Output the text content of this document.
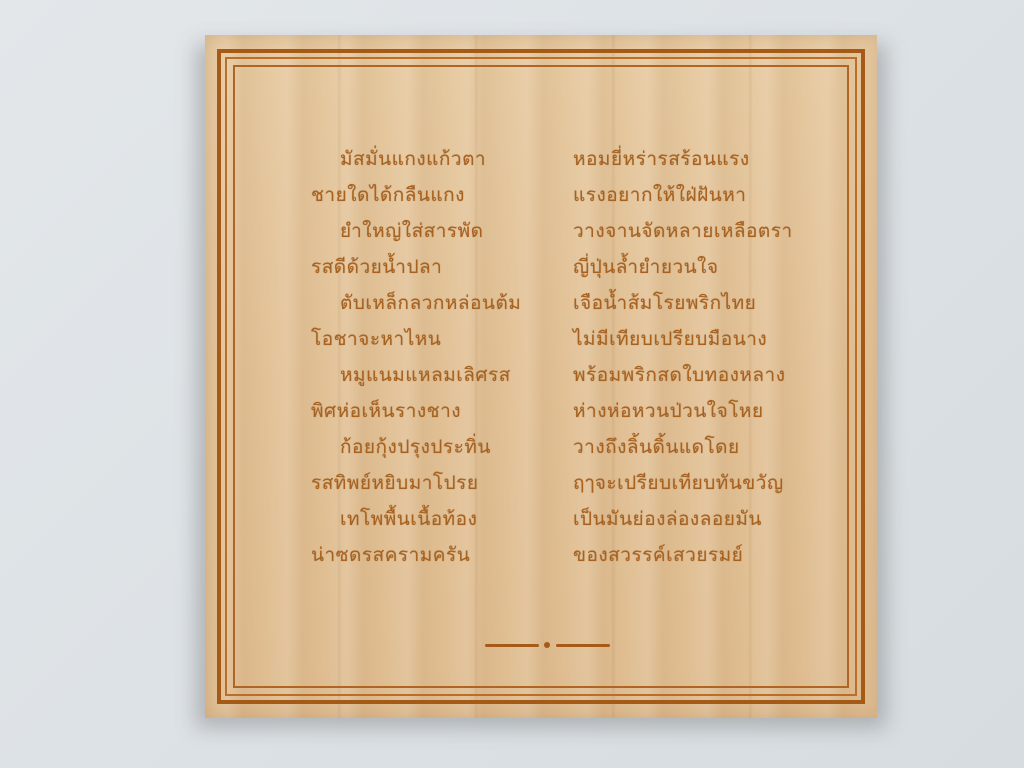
มัสมั่นแกงแก้วตา

ชายใดได้กลืนแกง

ยำใหญ่ใส่สารพัด

รสดีด้วยน้ำปลา

ตับเหล็กลวกหล่อนต้ม

โอชาจะหาไหน

หมูแนมแหลมเลิศรส

พิศห่อเห็นรางชาง

ก้อยกุ้งปรุงประทิ่น

รสทิพย์หยิบมาโปรย

เทโพพื้นเนื้อท้อง

น่าซดรสครามครัน

หอมยี่หร่ารสร้อนแรง

แรงอยากให้ใฝ่ฝันหา

วางจานจัดหลายเหลือตรา

ญี่ปุ่นล้ำยำยวนใจ

เจือน้ำส้มโรยพริกไทย

ไม่มีเทียบเปรียบมือนาง

พร้อมพริกสดใบทองหลาง

ห่างห่อหวนป่วนใจโหย

วางถึงลิ้นดิ้นแดโดย

ฤๅจะเปรียบเทียบทันขวัญ

เป็นมันย่องล่องลอยมัน

ของสวรรค์เสวยรมย์
